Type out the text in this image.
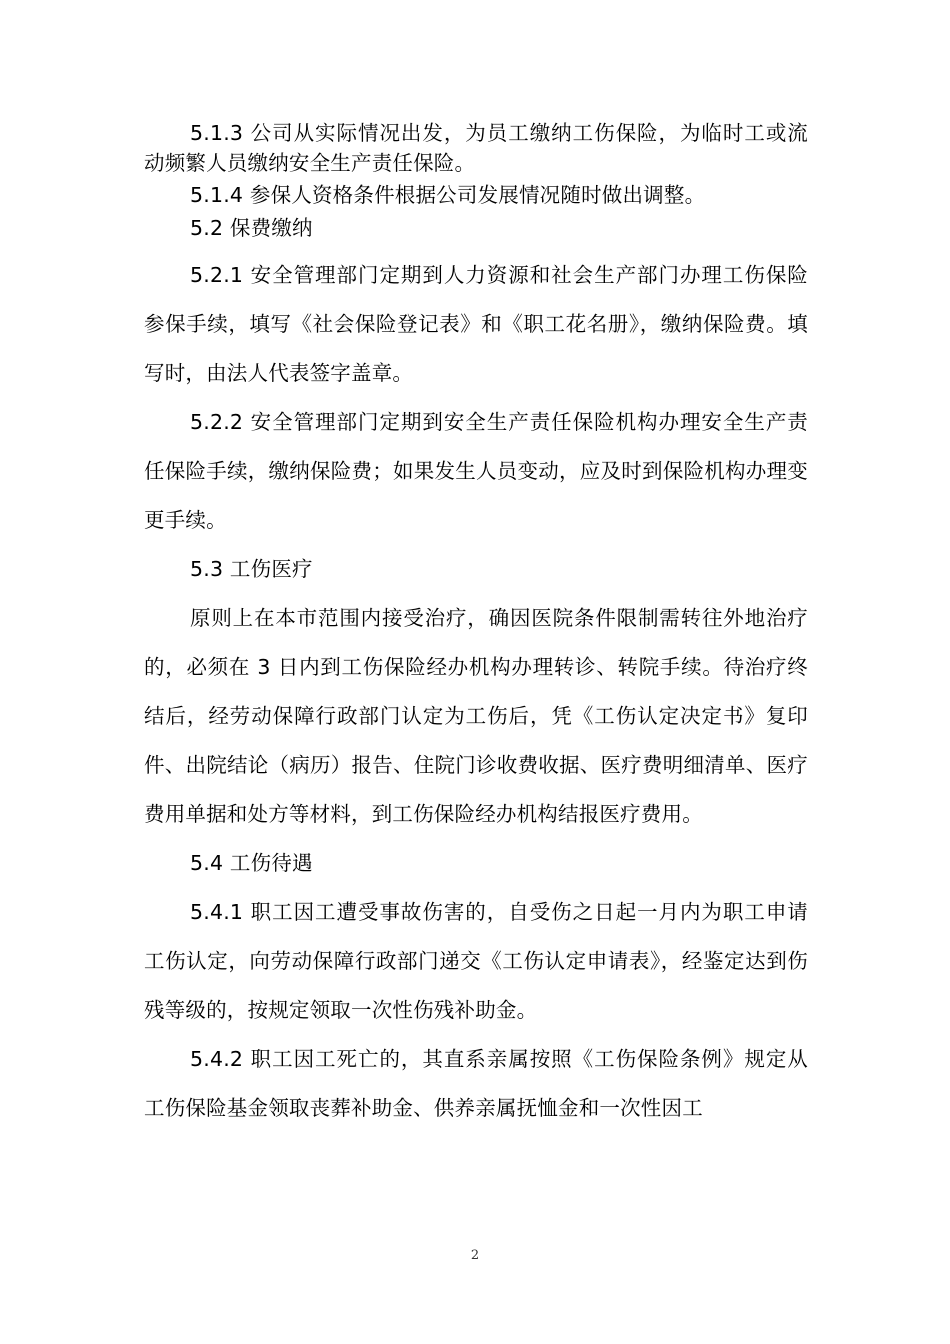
5.1.3 公司从实际情况出发，为员工缴纳工伤保险，为临时工或流动频繁人员缴纳安全生产责任保险。

5.1.4 参保人资格条件根据公司发展情况随时做出调整。

5.2 保费缴纳

5.2.1 安全管理部门定期到人力资源和社会生产部门办理工伤保险参保手续，填写《社会保险登记表》和《职工花名册》，缴纳保险费。填写时，由法人代表签字盖章。

5.2.2 安全管理部门定期到安全生产责任保险机构办理安全生产责任保险手续，缴纳保险费；如果发生人员变动，应及时到保险机构办理变更手续。

5.3 工伤医疗

原则上在本市范围内接受治疗，确因医院条件限制需转往外地治疗的，必须在 3 日内到工伤保险经办机构办理转诊、转院手续。待治疗终结后，经劳动保障行政部门认定为工伤后，凭《工伤认定决定书》复印件、出院结论（病历）报告、住院门诊收费收据、医疗费明细清单、医疗费用单据和处方等材料，到工伤保险经办机构结报医疗费用。

5.4 工伤待遇

5.4.1 职工因工遭受事故伤害的，自受伤之日起一月内为职工申请工伤认定，向劳动保障行政部门递交《工伤认定申请表》，经鉴定达到伤残等级的，按规定领取一次性伤残补助金。

5.4.2 职工因工死亡的，其直系亲属按照《工伤保险条例》规定从工伤保险基金领取丧葬补助金、供养亲属抚恤金和一次性因工

2
